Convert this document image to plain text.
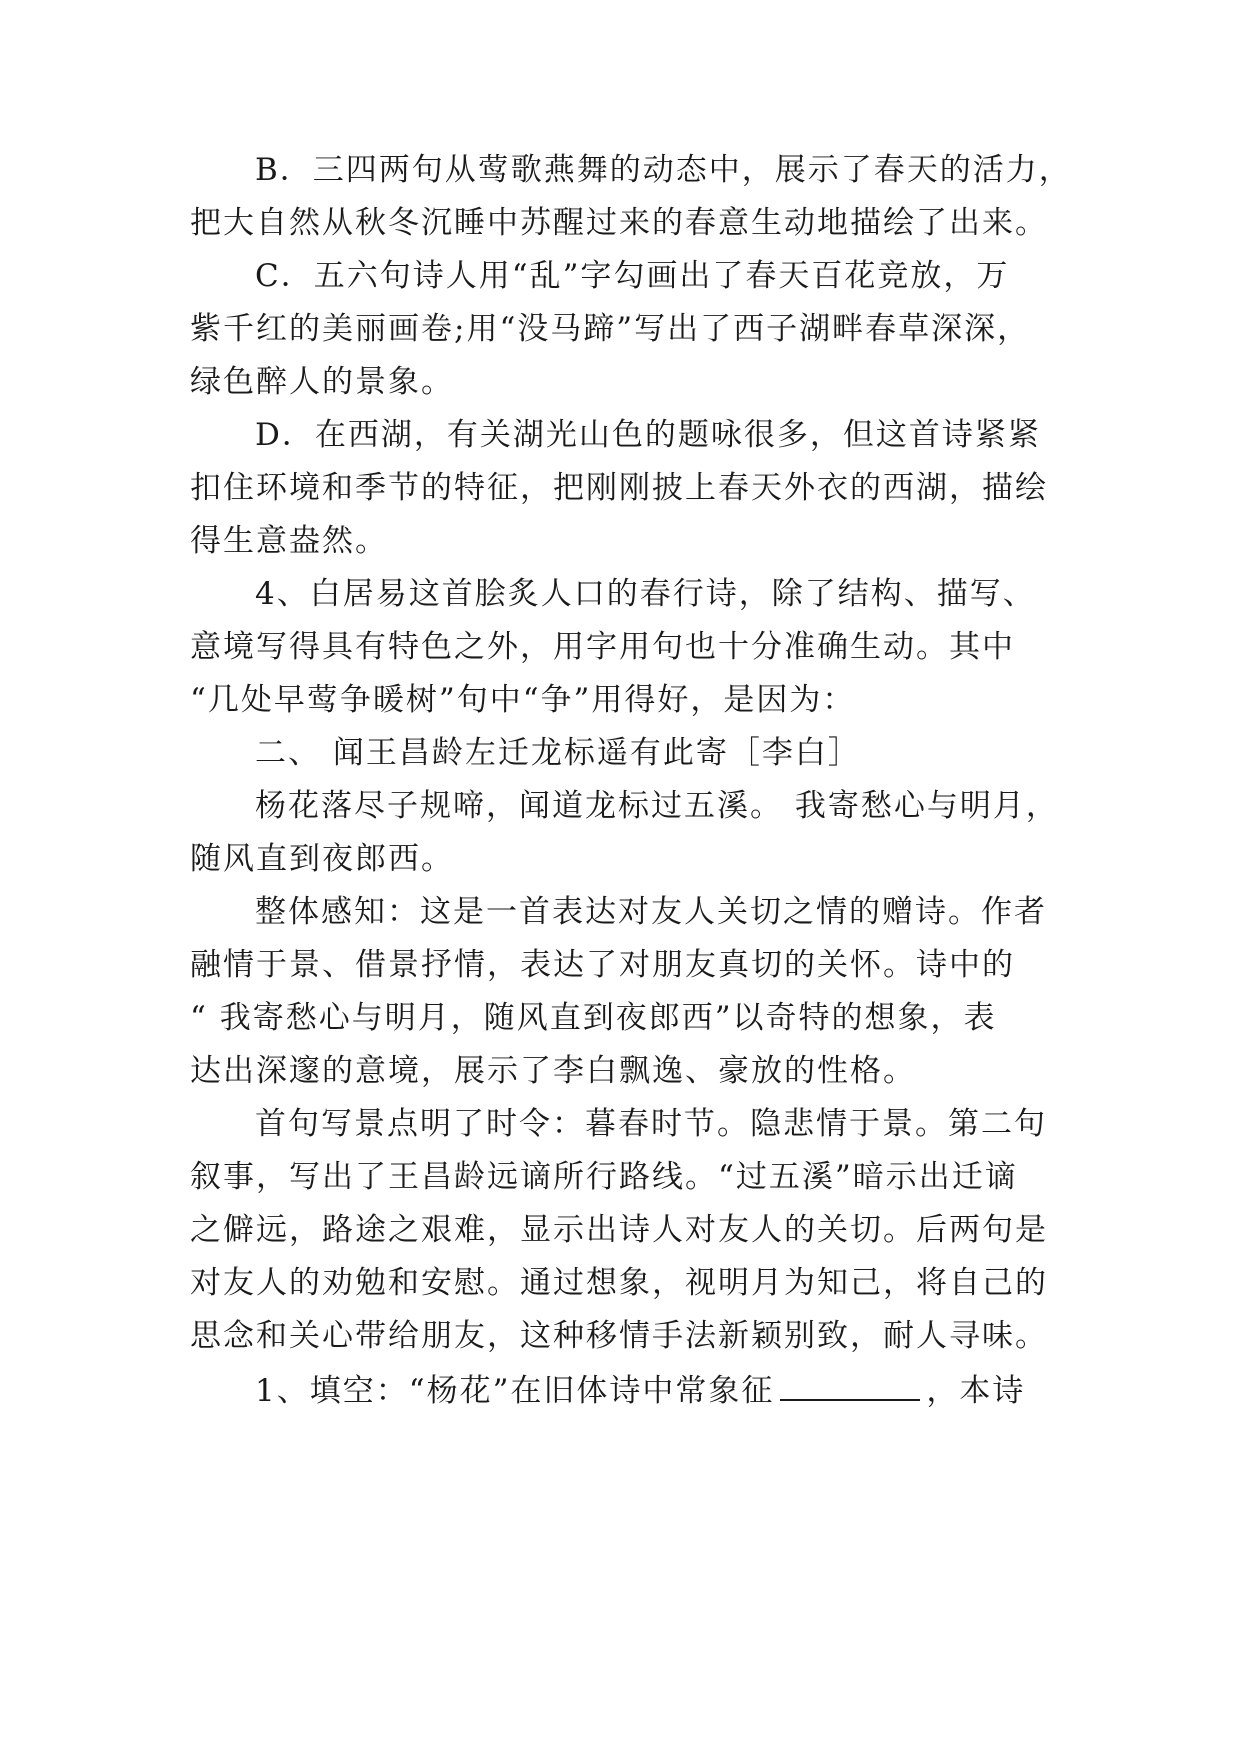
B．三四两句从莺歌燕舞的动态中，展示了春天的活力，
把大自然从秋冬沉睡中苏醒过来的春意生动地描绘了出来。
C．五六句诗人用“乱”字勾画出了春天百花竞放，万
紫千红的美丽画卷;用“没马蹄”写出了西子湖畔春草深深，
绿色醉人的景象。
D．在西湖，有关湖光山色的题咏很多，但这首诗紧紧
扣住环境和季节的特征，把刚刚披上春天外衣的西湖，描绘
得生意盎然。
4、白居易这首脍炙人口的春行诗，除了结构、描写、
意境写得具有特色之外，用字用句也十分准确生动。其中
“几处早莺争暖树”句中“争”用得好，是因为：
二、 闻王昌龄左迁龙标遥有此寄［李白］
杨花落尽子规啼，闻道龙标过五溪。 我寄愁心与明月，
随风直到夜郎西。
整体感知：这是一首表达对友人关切之情的赠诗。作者
融情于景、借景抒情，表达了对朋友真切的关怀。诗中的
“ 我寄愁心与明月，随风直到夜郎西”以奇特的想象，表
达出深邃的意境，展示了李白飘逸、豪放的性格。
首句写景点明了时令：暮春时节。隐悲情于景。第二句
叙事，写出了王昌龄远谪所行路线。“过五溪”暗示出迁谪
之僻远，路途之艰难，显示出诗人对友人的关切。后两句是
对友人的劝勉和安慰。通过想象，视明月为知己，将自己的
思念和关心带给朋友，这种移情手法新颖别致，耐人寻味。
1、填空：“杨花”在旧体诗中常象征	，本诗
